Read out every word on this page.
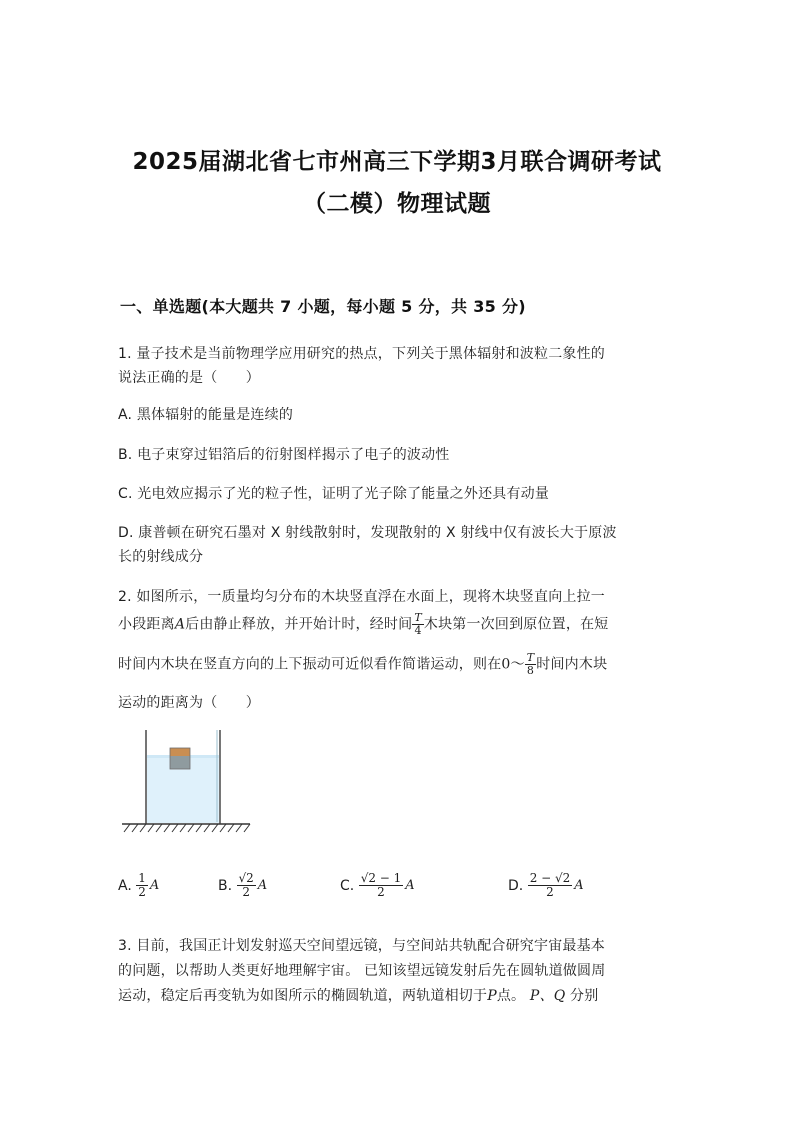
2025届湖北省七市州高三下学期3月联合调研考试
（二模）物理试题
一、单选题(本大题共 7 小题，每小题 5 分，共 35 分)
1. 量子技术是当前物理学应用研究的热点，下列关于黑体辐射和波粒二象性的
说法正确的是（　　）
A. 黑体辐射的能量是连续的
B. 电子束穿过铝箔后的衍射图样揭示了电子的波动性
C. 光电效应揭示了光的粒子性，证明了光子除了能量之外还具有动量
D. 康普顿在研究石墨对 X 射线散射时，发现散射的 X 射线中仅有波长大于原波
长的射线成分
2. 如图所示，一质量均匀分布的木块竖直浮在水面上，现将木块竖直向上拉一
小段距离A后由静止释放，并开始计时，经时间 $\frac{T}{4}$ 木块第一次回到原位置，在短
时间内木块在竖直方向的上下振动可近似看作简谐运动，则在0～ $\frac{T}{8}$ 时间内木块
运动的距离为（　　）
A. $\frac{1}{2}$ A	B. $\frac{√2}{2}$ A	C. $\frac{√2 - 1}{2}$ A	D. $\frac{2 - √2}{2}$ A
3. 目前，我国正计划发射巡天空间望远镜，与空间站共轨配合研究宇宙最基本
的问题，以帮助人类更好地理解宇宙。 已知该望远镜发射后先在圆轨道做圆周
运动，稳定后再变轨为如图所示的椭圆轨道，两轨道相切于P点。 P、Q 分别
